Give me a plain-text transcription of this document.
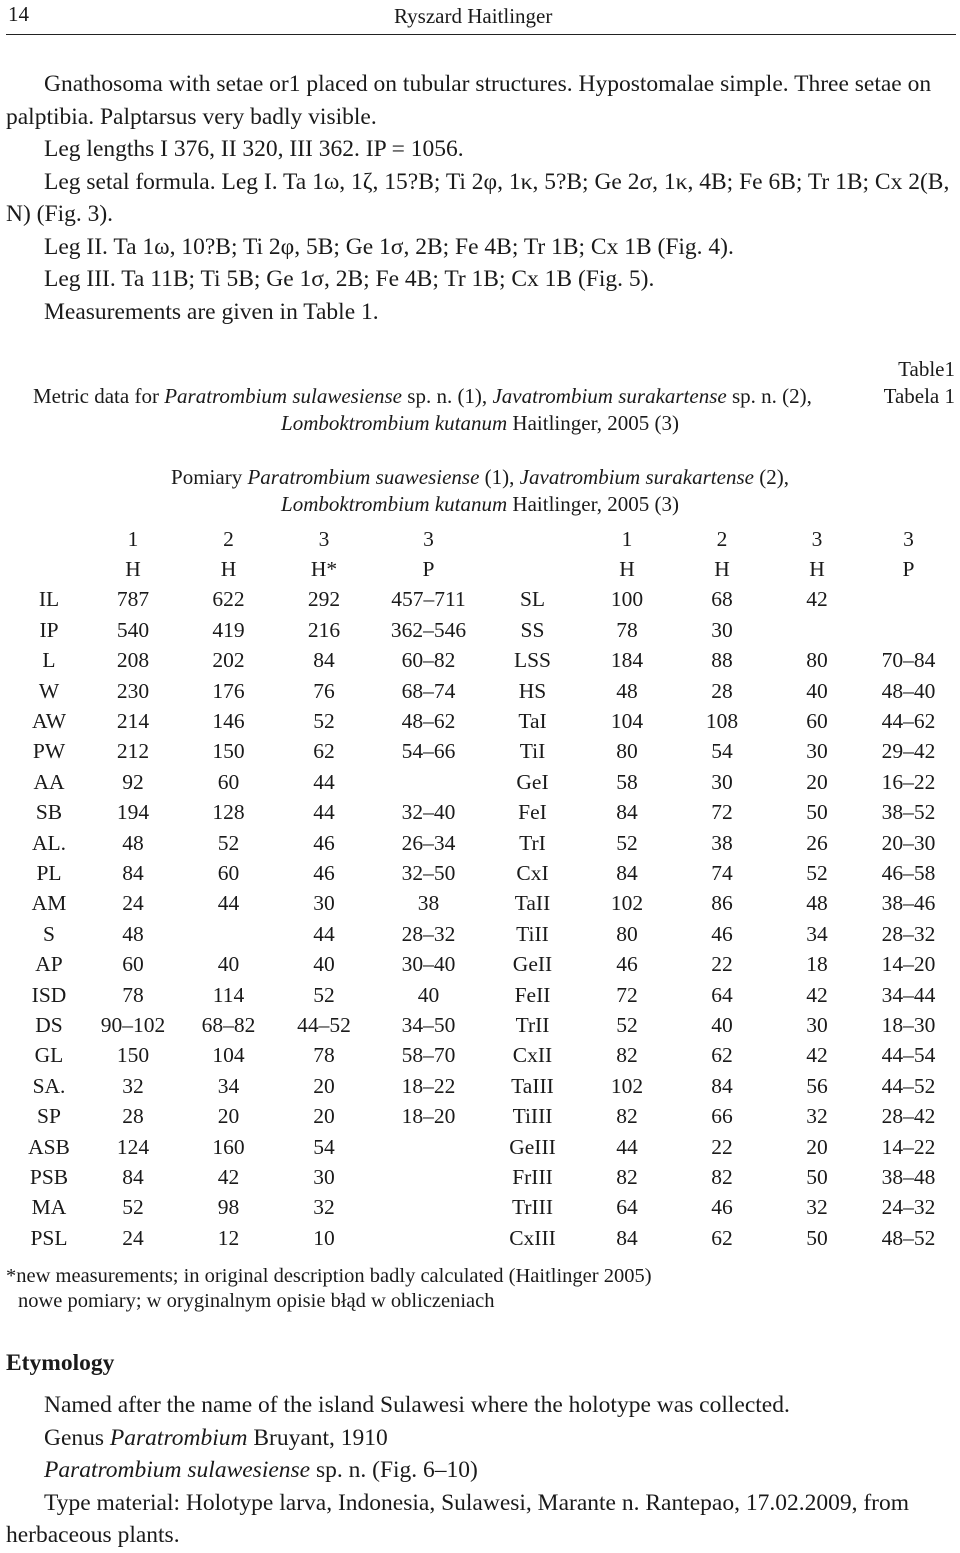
14	Ryszard Haitlinger

Gnathosoma with setae or1 placed on tubular structures. Hypostomalae simple. Three setae on palptibia. Palptarsus very badly visible.

Leg lengths I 376, II 320, III 362. IP = 1056.

Leg setal formula. Leg I. Ta 1ω, 1ζ, 15?B; Ti 2φ, 1κ, 5?B; Ge 2σ, 1κ, 4B; Fe 6B; Tr 1B; Cx 2(B, N) (Fig. 3).

Leg II. Ta 1ω, 10?B; Ti 2φ, 5B; Ge 1σ, 2B; Fe 4B; Tr 1B; Cx 1B (Fig. 4).

Leg III. Ta 11B; Ti 5B; Ge 1σ, 2B; Fe 4B; Tr 1B; Cx 1B (Fig. 5).

Measurements are given in Table 1.

Table1
Tabela 1
Metric data for Paratrombium sulawesiense sp. n. (1), Javatrombium surakartense sp. n. (2),
Lomboktrombium kutanum Haitlinger, 2005 (3)
Pomiary Paratrombium suawesiense (1), Javatrombium surakartense (2),
Lomboktrombium kutanum Haitlinger, 2005 (3)
	1	2	3	3		1	2	3	3
	H	H	H*	P		H	H	H	P
IL	787	622	292	457–711	SL	100	68	42	
IP	540	419	216	362–546	SS	78	30		
L	208	202	84	60–82	LSS	184	88	80	70–84
W	230	176	76	68–74	HS	48	28	40	48–40
AW	214	146	52	48–62	TaI	104	108	60	44–62
PW	212	150	62	54–66	TiI	80	54	30	29–42
AA	92	60	44		GeI	58	30	20	16–22
SB	194	128	44	32–40	FeI	84	72	50	38–52
AL.	48	52	46	26–34	TrI	52	38	26	20–30
PL	84	60	46	32–50	CxI	84	74	52	46–58
AM	24	44	30	38	TaII	102	86	48	38–46
S	48		44	28–32	TiII	80	46	34	28–32
AP	60	40	40	30–40	GeII	46	22	18	14–20
ISD	78	114	52	40	FeII	72	64	42	34–44
DS	90–102	68–82	44–52	34–50	TrII	52	40	30	18–30
GL	150	104	78	58–70	CxII	82	62	42	44–54
SA.	32	34	20	18–22	TaIII	102	84	56	44–52
SP	28	20	20	18–20	TiIII	82	66	32	28–42
ASB	124	160	54		GeIII	44	22	20	14–22
PSB	84	42	30		FrIII	82	82	50	38–48
MA	52	98	32		TrIII	64	46	32	24–32
PSL	24	12	10		CxIII	84	62	50	48–52
*new measurements; in original description badly calculated (Haitlinger 2005)
nowe pomiary; w oryginalnym opisie błąd w obliczeniach
Etymology

Named after the name of the island Sulawesi where the holotype was collected.

Genus Paratrombium Bruyant, 1910

Paratrombium sulawesiense sp. n. (Fig. 6–10)

Type material: Holotype larva, Indonesia, Sulawesi, Marante n. Rantepao, 17.02.2009, from herbaceous plants.
